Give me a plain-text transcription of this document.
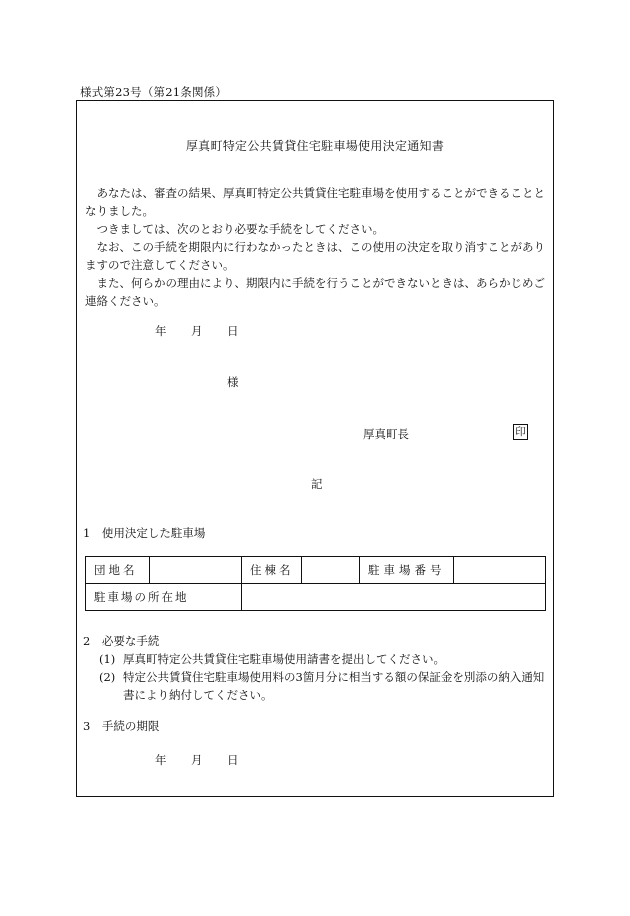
様式第23号（第21条関係）
厚真町特定公共賃貸住宅駐車場使用決定通知書

あなたは、審査の結果、厚真町特定公共賃貸住宅駐車場を使用することができることとなりました。

つきましては、次のとおり必要な手続をしてください。

なお、この手続を期限内に行わなかったときは、この使用の決定を取り消すことがありますので注意してください。

また、何らかの理由により、期限内に手続を行うことができないときは、あらかじめご連絡ください。

年 月 日
様
厚真町長	印
記
1　使用決定した駐車場
団地名		住棟名		駐車場番号	
駐車場の所在地					
2　必要な手続
(1) 厚真町特定公共賃貸住宅駐車場使用請書を提出してください。
(2) 特定公共賃貸住宅駐車場使用料の3箇月分に相当する額の保証金を別添の納入通知書により納付してください。
3　手続の期限
年 月 日
